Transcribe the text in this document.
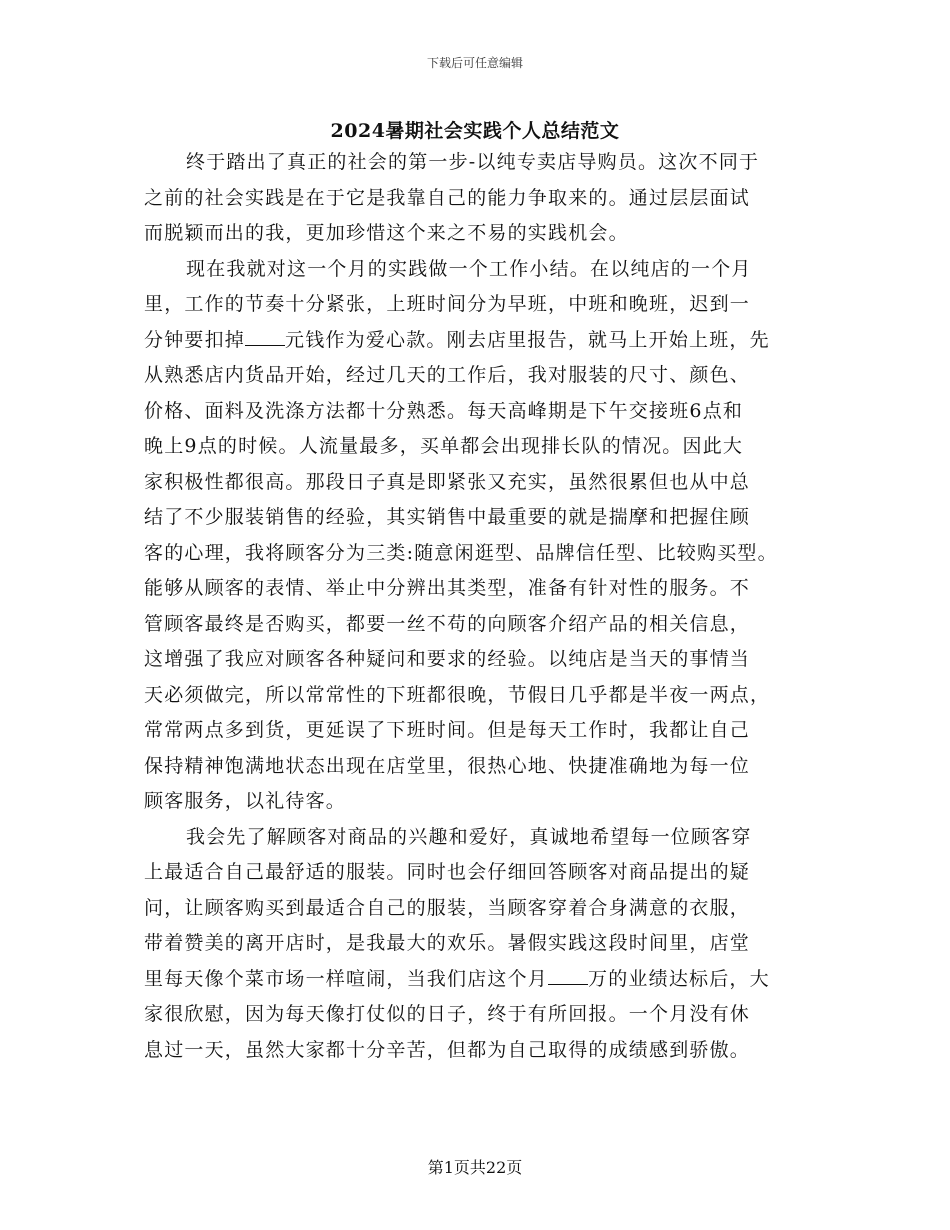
下载后可任意编辑
2024暑期社会实践个人总结范文
终于踏出了真正的社会的第一步-以纯专卖店导购员。这次不同于
之前的社会实践是在于它是我靠自己的能力争取来的。通过层层面试
而脱颖而出的我，更加珍惜这个来之不易的实践机会。
现在我就对这一个月的实践做一个工作小结。在以纯店的一个月
里，工作的节奏十分紧张，上班时间分为早班，中班和晚班，迟到一
分钟要扣掉 元钱作为爱心款。刚去店里报告，就马上开始上班，先
从熟悉店内货品开始，经过几天的工作后，我对服装的尺寸、颜色、
价格、面料及洗涤方法都十分熟悉。每天高峰期是下午交接班6点和
晚上9点的时候。人流量最多，买单都会出现排长队的情况。因此大
家积极性都很高。那段日子真是即紧张又充实，虽然很累但也从中总
结了不少服装销售的经验，其实销售中最重要的就是揣摩和把握住顾
客的心理，我将顾客分为三类:随意闲逛型、品牌信任型、比较购买型。
能够从顾客的表情、举止中分辨出其类型，准备有针对性的服务。不
管顾客最终是否购买，都要一丝不苟的向顾客介绍产品的相关信息，
这增强了我应对顾客各种疑问和要求的经验。以纯店是当天的事情当
天必须做完，所以常常性的下班都很晚，节假日几乎都是半夜一两点，
常常两点多到货，更延误了下班时间。但是每天工作时，我都让自己
保持精神饱满地状态出现在店堂里，很热心地、快捷准确地为每一位
顾客服务，以礼待客。
我会先了解顾客对商品的兴趣和爱好，真诚地希望每一位顾客穿
上最适合自己最舒适的服装。同时也会仔细回答顾客对商品提出的疑
问，让顾客购买到最适合自己的服装，当顾客穿着合身满意的衣服，
带着赞美的离开店时，是我最大的欢乐。暑假实践这段时间里，店堂
里每天像个菜市场一样喧闹，当我们店这个月 万的业绩达标后，大
家很欣慰，因为每天像打仗似的日子，终于有所回报。一个月没有休
息过一天，虽然大家都十分辛苦，但都为自己取得的成绩感到骄傲。
第1页共22页
